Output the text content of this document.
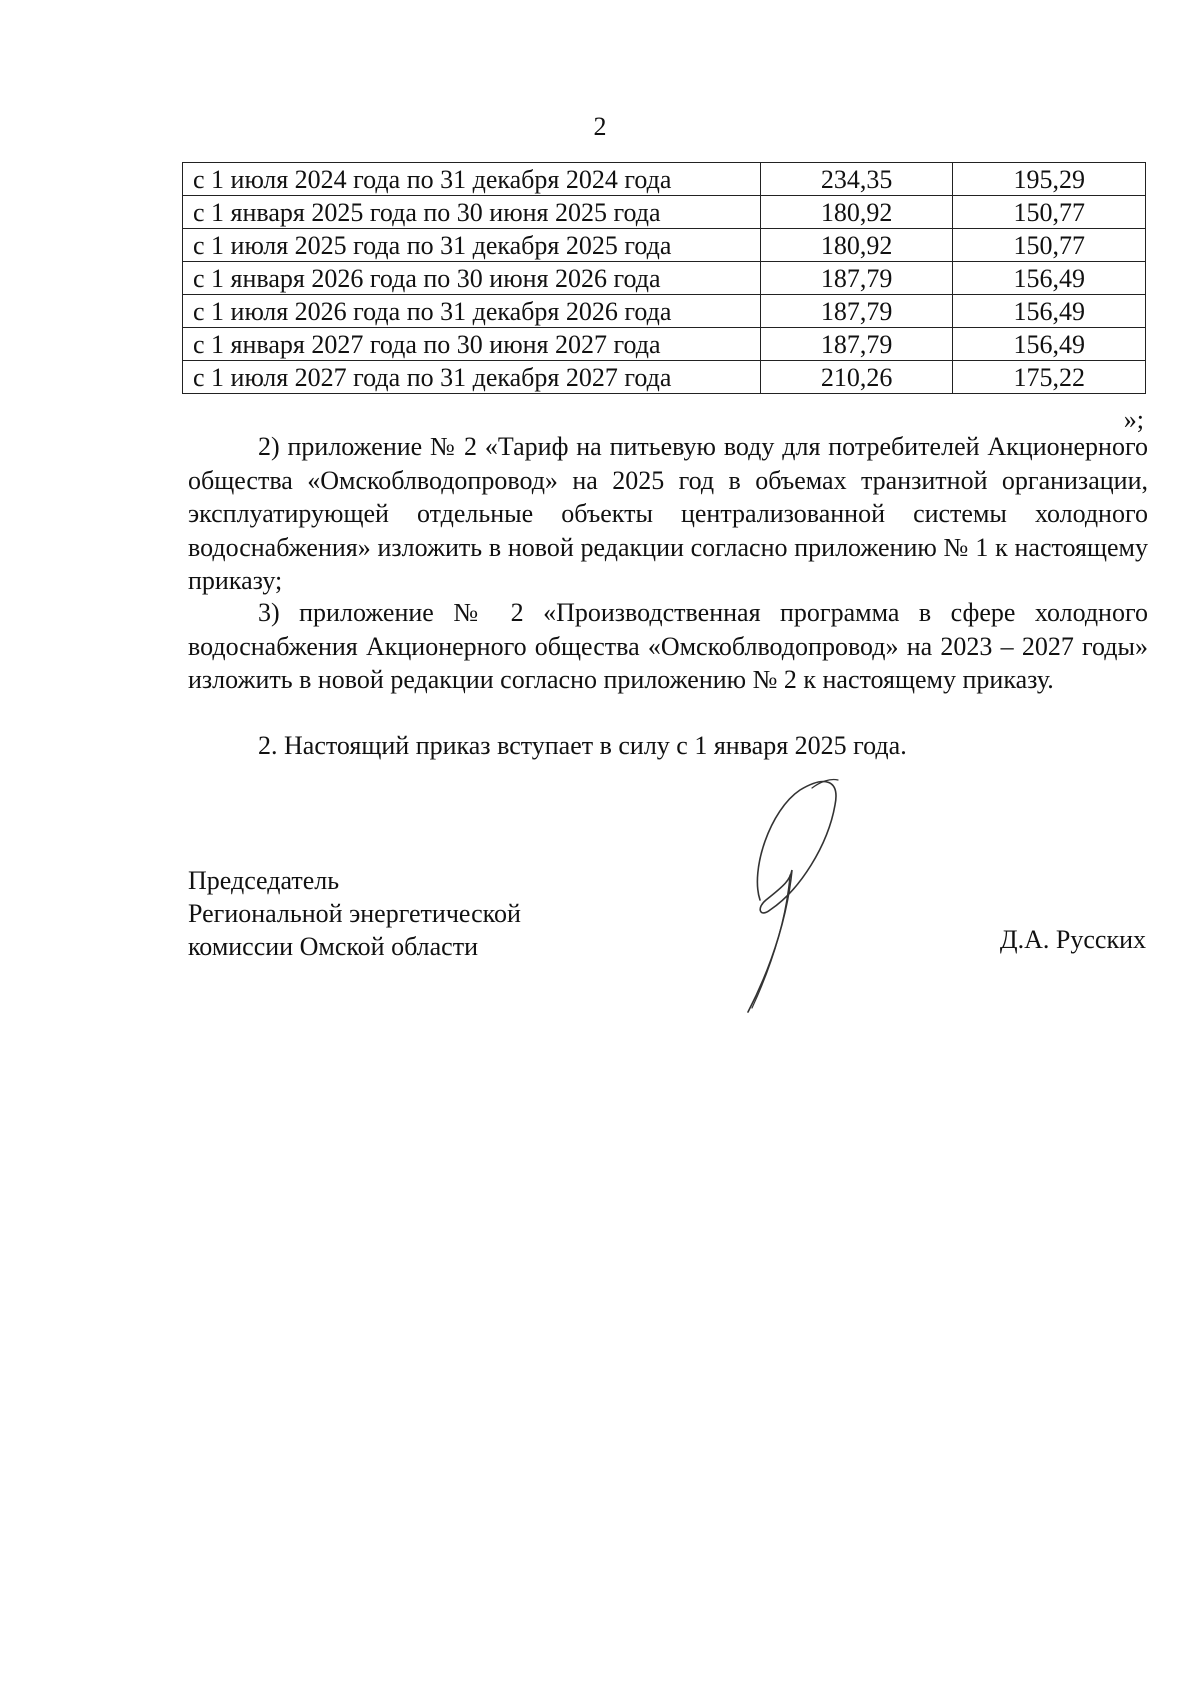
2
с 1 июля 2024 года по 31 декабря 2024 года	234,35	195,29
с 1 января 2025 года по 30 июня 2025 года	180,92	150,77
с 1 июля 2025 года по 31 декабря 2025 года	180,92	150,77
с 1 января 2026 года по 30 июня 2026 года	187,79	156,49
с 1 июля 2026 года по 31 декабря 2026 года	187,79	156,49
с 1 января 2027 года по 30 июня 2027 года	187,79	156,49
с 1 июля 2027 года по 31 декабря 2027 года	210,26	175,22
»;

2) приложение № 2 «Тариф на питьевую воду для потребителей Акционерного общества «Омскоблводопровод» на 2025 год в объемах транзитной организации, эксплуатирующей отдельные объекты централизованной системы холодного водоснабжения» изложить в новой редакции согласно приложению № 1 к настоящему приказу;

3) приложение № 2 «Производственная программа в сфере холодного водоснабжения Акционерного общества «Омскоблводопровод» на 2023 – 2027 годы» изложить в новой редакции согласно приложению № 2 к настоящему приказу.

2. Настоящий приказ вступает в силу с 1 января 2025 года.

Председатель
Региональной энергетической
комиссии Омской области	Д.А. Русских
